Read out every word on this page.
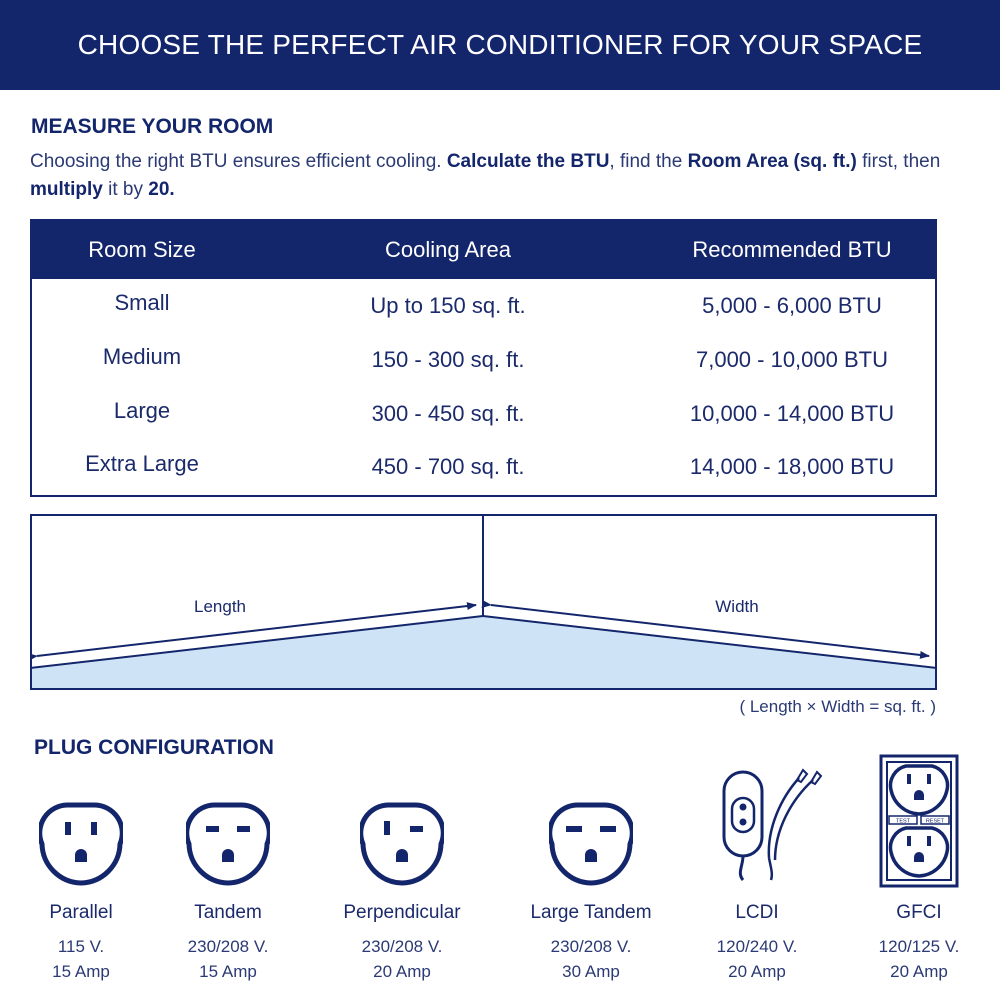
CHOOSE THE PERFECT AIR CONDITIONER FOR YOUR SPACE
MEASURE YOUR ROOM
Choosing the right BTU ensures efficient cooling. Calculate the BTU, find the Room Area (sq. ft.) first, then multiply it by 20.
Room Size	Cooling Area	Recommended BTU
Small	Up to 150 sq. ft.	5,000 - 6,000 BTU
Medium	150 - 300 sq. ft.	7,000 - 10,000 BTU
Large	300 - 450 sq. ft.	10,000 - 14,000 BTU
Extra Large	450 - 700 sq. ft.	14,000 - 18,000 BTU
Length	Width
( Length × Width = sq. ft. )
PLUG CONFIGURATION
Parallel
115 V.
15 Amp
Tandem
230/208 V.
15 Amp
Perpendicular
230/208 V.
20 Amp
Large Tandem
230/208 V.
30 Amp
LCDI
120/240 V.
20 Amp
TEST	RESET
GFCI
120/125 V.
20 Amp
